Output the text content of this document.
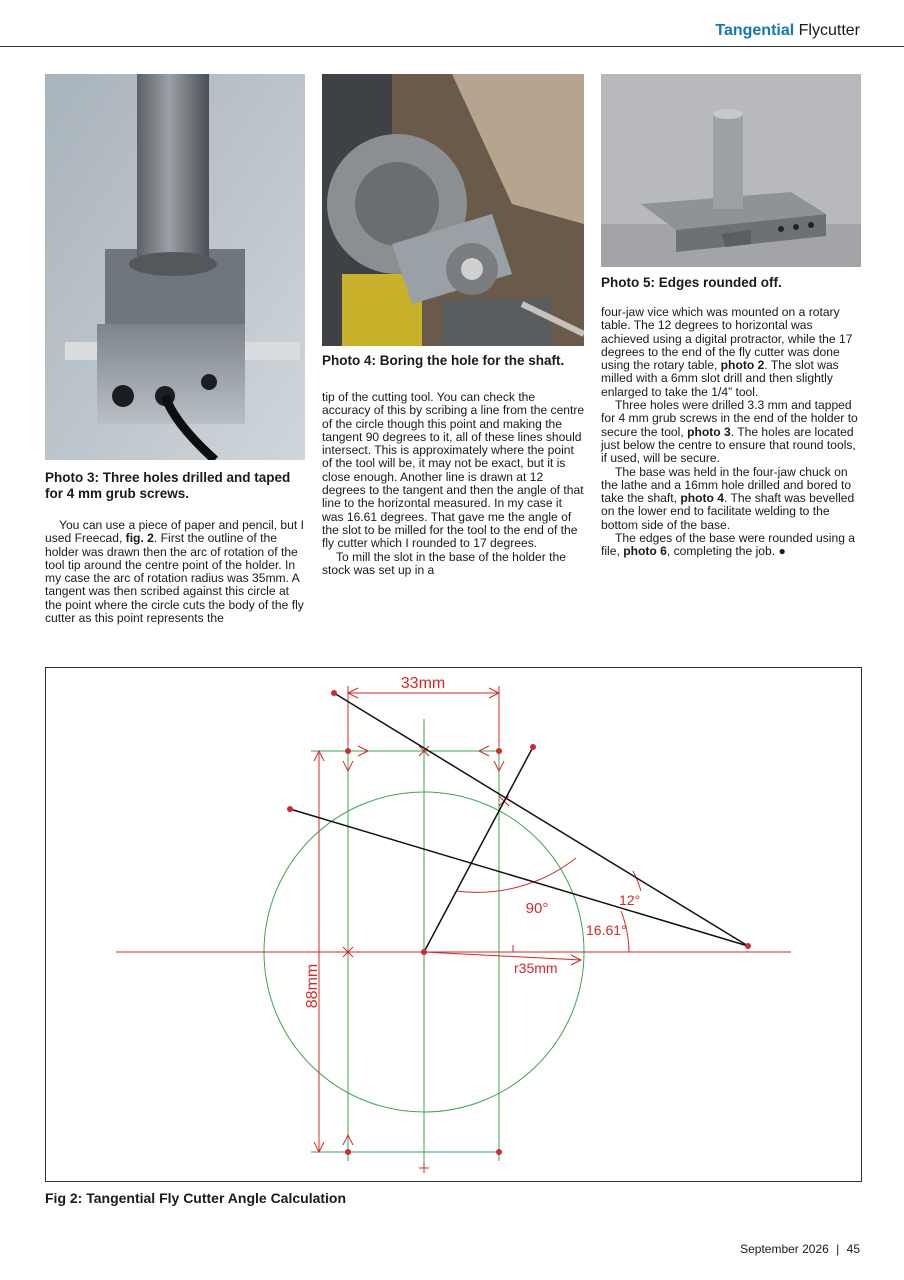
Tangential Flycutter
Photo 3: Three holes drilled and taped for 4 mm grub screws.
Photo 4: Boring the hole for the shaft.
Photo 5: Edges rounded off.

You can use a piece of paper and pencil, but I used Freecad, fig. 2. First the outline of the holder was drawn then the arc of rotation of the tool tip around the centre point of the holder. In my case the arc of rotation radius was 35mm. A tangent was then scribed against this circle at the point where the circle cuts the body of the fly cutter as this point represents the

tip of the cutting tool. You can check the accuracy of this by scribing a line from the centre of the circle though this point and making the tangent 90 degrees to it, all of these lines should intersect. This is approximately where the point of the tool will be, it may not be exact, but it is close enough. Another line is drawn at 12 degrees to the tangent and then the angle of that line to the horizontal measured. In my case it was 16.61 degrees. That gave me the angle of the slot to be milled for the tool to the end of the fly cutter which I rounded to 17 degrees.

To mill the slot in the base of the holder the stock was set up in a

four-jaw vice which was mounted on a rotary table. The 12 degrees to horizontal was achieved using a digital protractor, while the 17 degrees to the end of the fly cutter was done using the rotary table, photo 2. The slot was milled with a 6mm slot drill and then slightly enlarged to take the 1/4” tool.

Three holes were drilled 3.3 mm and tapped for 4 mm grub screws in the end of the holder to secure the tool, photo 3. The holes are located just below the centre to ensure that round tools, if used, will be secure.

The base was held in the four-jaw chuck on the lathe and a 16mm hole drilled and bored to take the shaft, photo 4. The shaft was bevelled on the lower end to facilitate welding to the bottom side of the base.

The edges of the base were rounded using a file, photo 6, completing the job. ●

33mm
90°	12°
16.61°
r35mm
88mm
Fig 2: Tangential Fly Cutter Angle Calculation
September 2026 | 45
